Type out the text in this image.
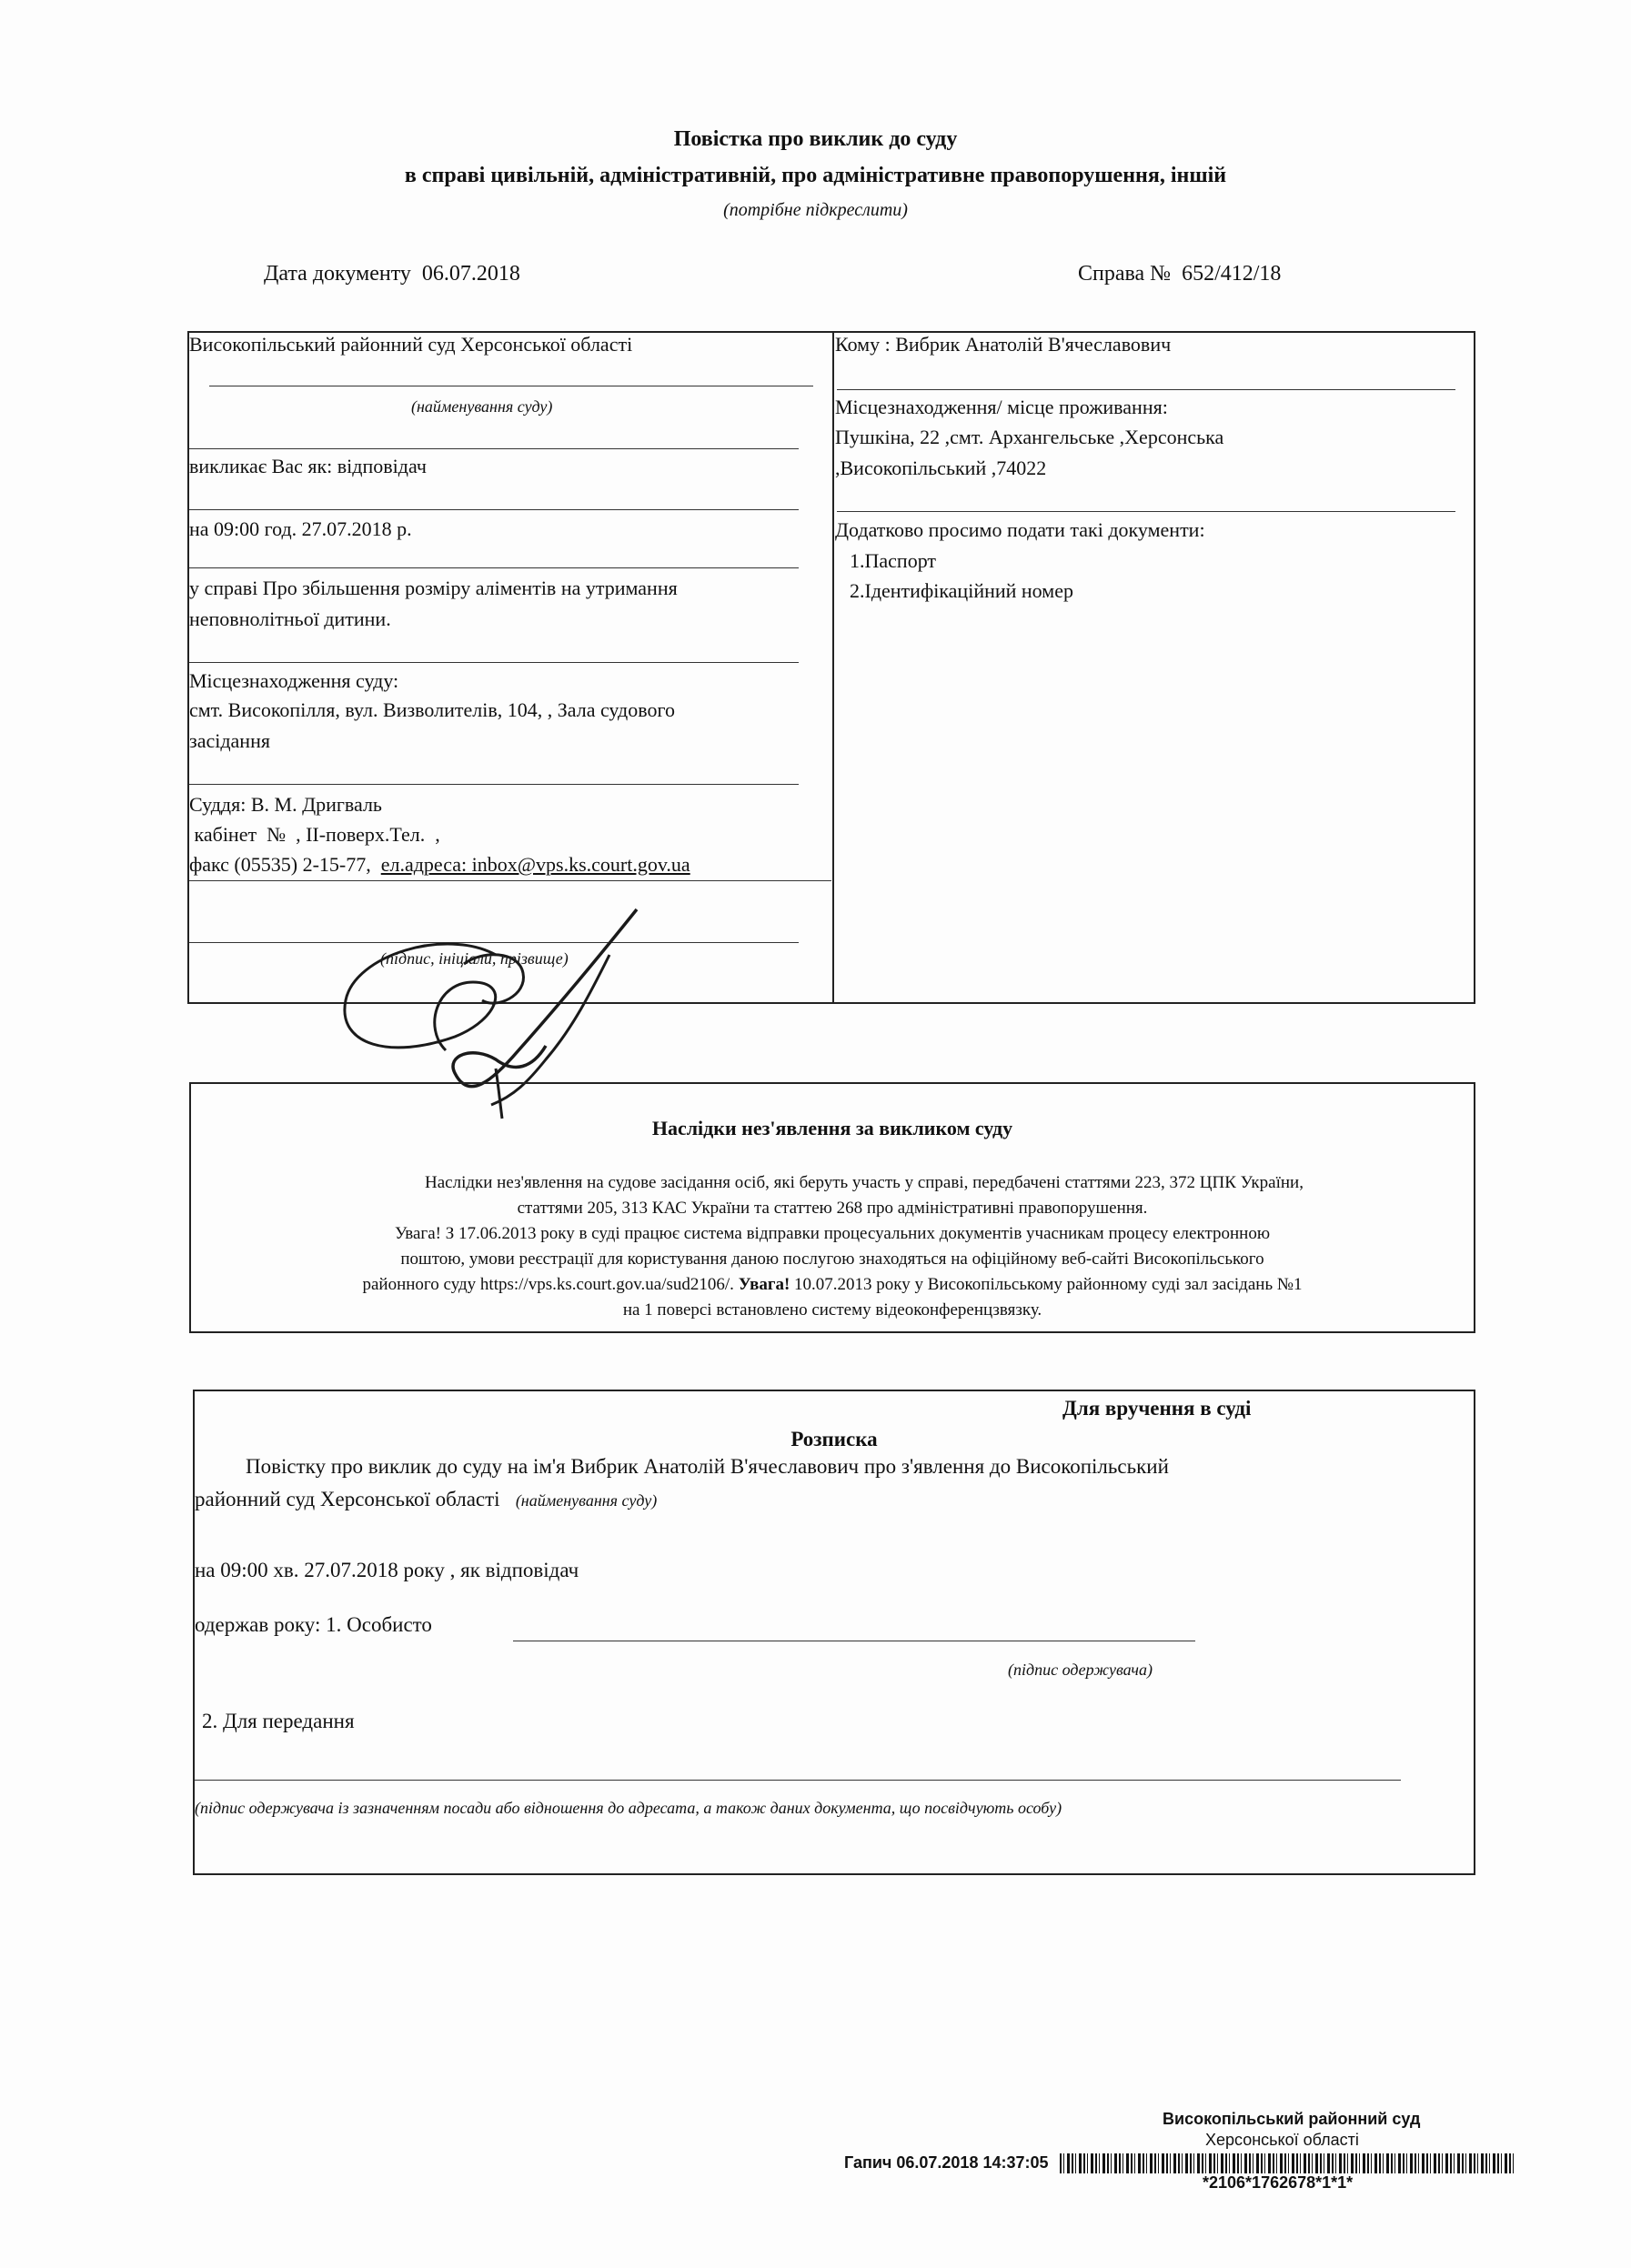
Повістка про виклик до суду
в справі цивільній, адміністративній, про адміністративне правопорушення, іншій
(потрібне підкреслити)
Дата документу 06.07.2018	Справа № 652/412/18
Високопільський районний суд Херсонської області
(найменування суду)
викликає Вас як: відповідач
на 09:00 год. 27.07.2018 р.
у справі Про збільшення розміру аліментів на утримання
неповнолітньої дитини.
Місцезнаходження суду:
смт. Високопілля, вул. Визволителів, 104, , Зала судового
засідання
Суддя: В. М. Дригваль
кабінет  №  , ІІ-поверх.Тел.  ,
факс (05535) 2-15-77, ел.адреса: inbox@vps.ks.court.gov.ua
(підпис, ініціали, прізвище)
Кому : Вибрик Анатолій В'ячеславович
Місцезнаходження/ місце проживання:
Пушкіна, 22 ,смт. Архангельське ,Херсонська
,Високопільський ,74022
Додатково просимо подати такі документи:
1.Паспорт
2.Ідентифікаційний номер
Наслідки нез'явлення за викликом суду
Наслідки нез'явлення на судове засідання осіб, які беруть участь у справі, передбачені статтями 223, 372 ЦПК України,
статтями 205, 313 КАС України та статтею 268 про адміністративні правопорушення.
Увага! З 17.06.2013 року в суді працює система відправки процесуальних документів учасникам процесу електронною
поштою, умови реєстрації для користування даною послугою знаходяться на офіційному веб-сайті Високопільського
районного суду https://vps.ks.court.gov.ua/sud2106/. Увага! 10.07.2013 року у Високопільському районному суді зал засідань №1
на 1 поверсі встановлено систему відеоконференцзвязку.
Для вручення в суді
Розписка
Повістку про виклик до суду на ім'я Вибрик Анатолій В'ячеславович про з'явлення до Високопільський
районний суд Херсонської області (найменування суду)
на 09:00 хв. 27.07.2018 року , як відповідач
одержав року: 1. Особисто
(підпис одержувача)
2. Для передання
(підпис одержувача із зазначенням посади або відношення до адресата, а також даних документа, що посвідчують особу)
Високопільський районний суд
Херсонської області
Гапич 06.07.2018 14:37:05
*2106*1762678*1*1*
